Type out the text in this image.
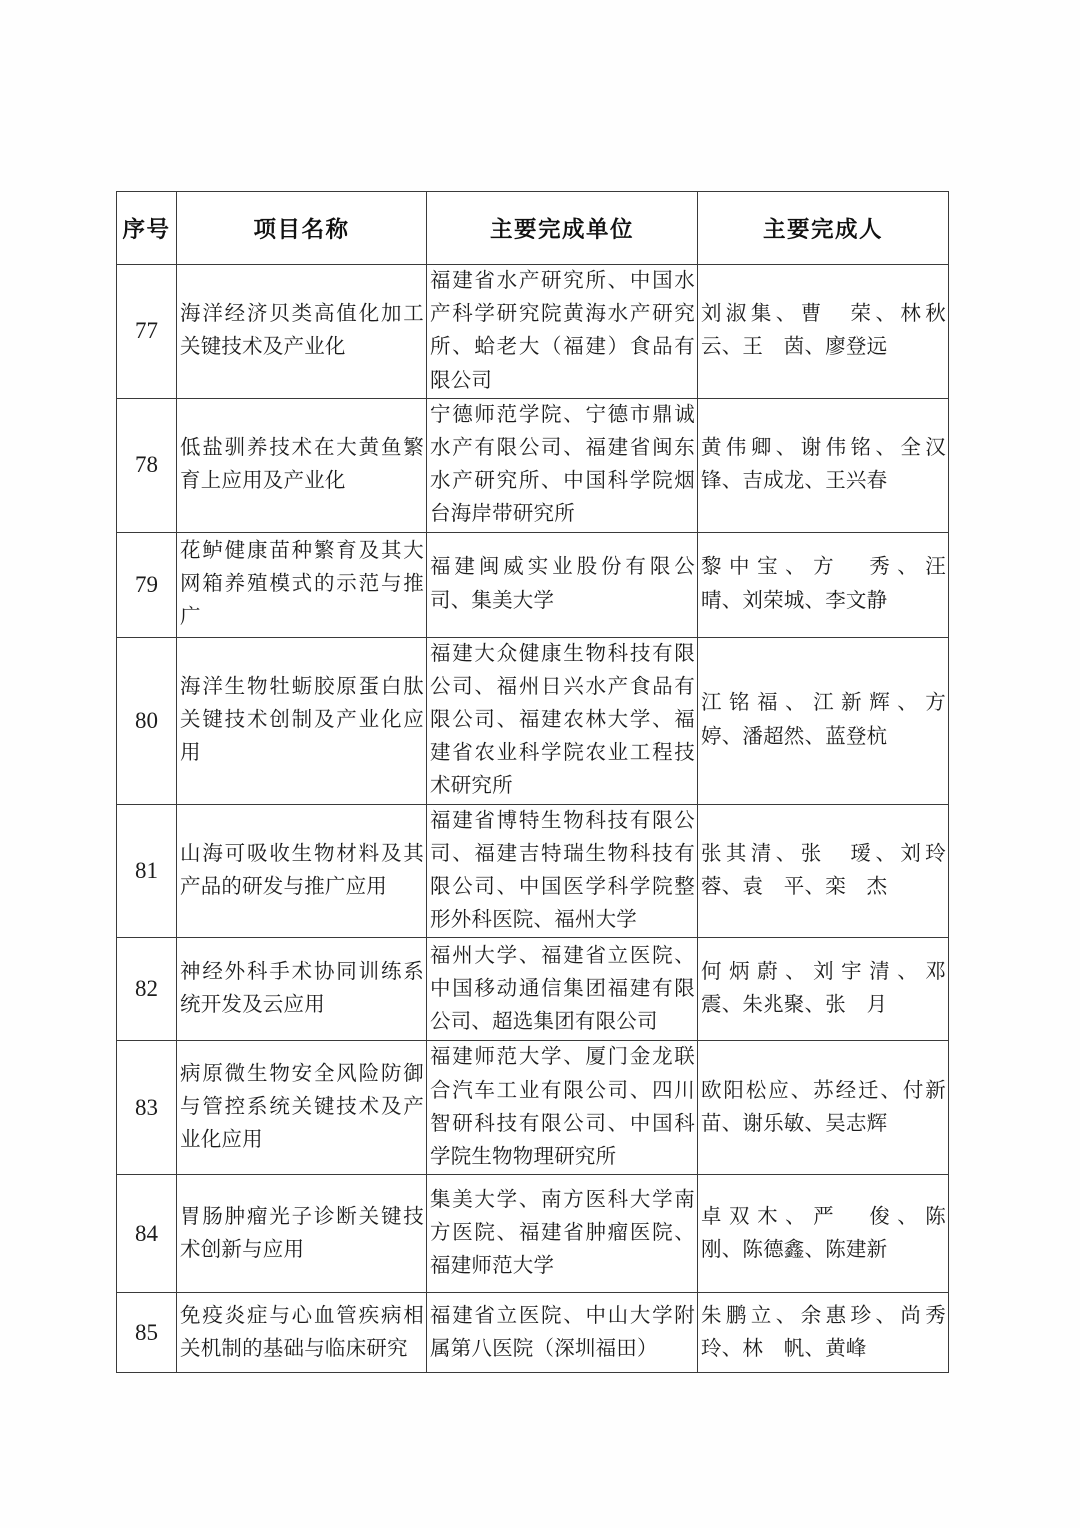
序号	项目名称	主要完成单位	主要完成人
77	海洋经济贝类高值化加工关键技术及产业化	福建省水产研究所、中国水产科学研究院黄海水产研究所、蛤老大（福建）食品有限公司	刘淑集、曹　荣、林秋云、王　茵、廖登远

78	低盐驯养技术在大黄鱼繁育上应用及产业化	宁德师范学院、宁德市鼎诚水产有限公司、福建省闽东水产研究所、中国科学院烟台海岸带研究所	黄伟卿、谢伟铭、全汉锋、吉成龙、王兴春

79	花鲈健康苗种繁育及其大网箱养殖模式的示范与推广	福建闽威实业股份有限公司、集美大学	黎中宝、方　秀、汪　晴、刘荣城、李文静

80	海洋生物牡蛎胶原蛋白肽关键技术创制及产业化应用	福建大众健康生物科技有限公司、福州日兴水产食品有限公司、福建农林大学、福建省农业科学院农业工程技术研究所	江铭福、江新辉、方　婷、潘超然、蓝登杭

81	山海可吸收生物材料及其产品的研发与推广应用	福建省博特生物科技有限公司、福建吉特瑞生物科技有限公司、中国医学科学院整形外科医院、福州大学	张其清、张　瑷、刘玲蓉、袁　平、栾　杰

82	神经外科手术协同训练系统开发及云应用	福州大学、福建省立医院、中国移动通信集团福建有限公司、超选集团有限公司	何炳蔚、刘宇清、邓　震、朱兆聚、张　月

83	病原微生物安全风险防御与管控系统关键技术及产业化应用	福建师范大学、厦门金龙联合汽车工业有限公司、四川智研科技有限公司、中国科学院生物物理研究所	欧阳松应、苏经迁、付新苗、谢乐敏、吴志辉

84	胃肠肿瘤光子诊断关键技术创新与应用	集美大学、南方医科大学南方医院、福建省肿瘤医院、福建师范大学	卓双木、严　俊、陈　刚、陈德鑫、陈建新

85	免疫炎症与心血管疾病相关机制的基础与临床研究	福建省立医院、中山大学附属第八医院（深圳福田）	朱鹏立、余惠珍、尚秀玲、林　帆、黄峰
